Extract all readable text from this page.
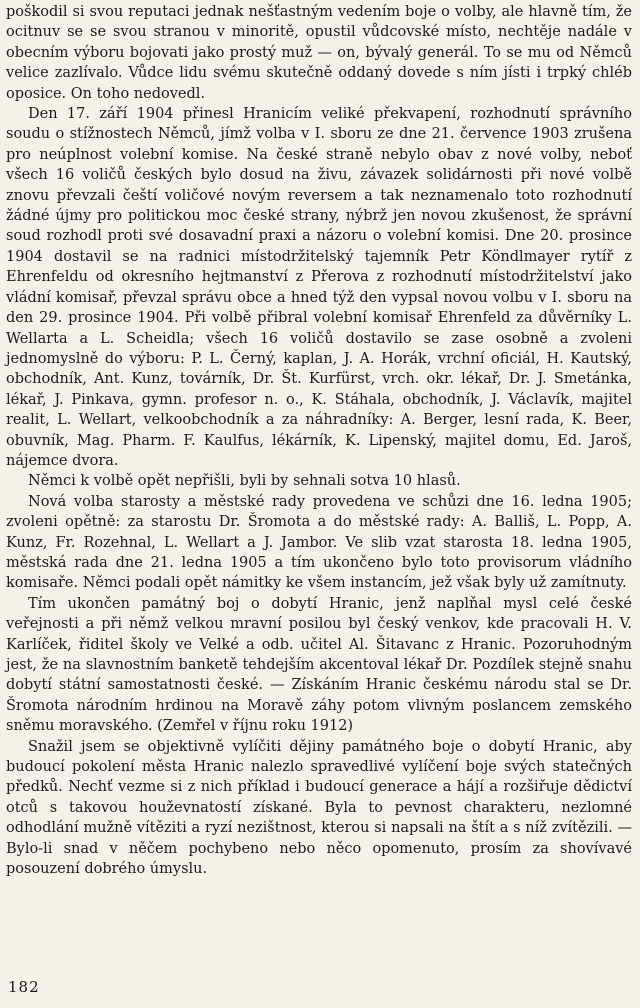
poškodil si svou reputaci jednak nešťastným vedením boje o volby, ale hlavně tím, že ocitnuv se se svou stranou v minoritě, opustil vůdcovské místo, nechtěje nadále v obecním výboru bojovati jako prostý muž — on, bývalý generál. To se mu od Němců velice zazlívalo. Vůdce lidu svému skutečně oddaný dovede s ním jísti i trpký chléb oposice. On toho nedovedl.

Den 17. září 1904 přinesl Hranicím veliké překvapení, rozhodnutí správního soudu o stížnostech Němců, jímž volba v I. sboru ze dne 21. července 1903 zrušena pro neúplnost volební komise. Na české straně nebylo obav z nové volby, neboť všech 16 voličů českých bylo dosud na živu, závazek solidárnosti při nové volbě znovu převzali čeští voličové novým reversem a tak neznamenalo toto rozhodnutí žádné újmy pro politickou moc české strany, nýbrž jen novou zkušenost, že správní soud rozhodl proti své dosavadní praxi a názoru o volební komisi. Dne 20. prosince 1904 dostavil se na radnici místodržitelský tajemník Petr Köndlmayer rytíř z Ehrenfeldu od okresního hejtmanství z Přerova z rozhodnutí místodržitelství jako vládní komisař, převzal správu obce a hned týž den vypsal novou volbu v I. sboru na den 29. prosince 1904. Při volbě přibral volební komisař Ehrenfeld za důvěrníky L. Wellarta a L. Scheidla; všech 16 voličů dostavilo se zase osobně a zvoleni jednomyslně do výboru: P. L. Černý, kaplan, J. A. Horák, vrchní oficiál, H. Kautský, obchodník, Ant. Kunz, továrník, Dr. Št. Kurfürst, vrch. okr. lékař, Dr. J. Smetánka, lékař, J. Pinkava, gymn. profesor n. o., K. Stáhala, obchodník, J. Václavík, majitel realit, L. Wellart, velkoobchodník a za náhradníky: A. Berger, lesní rada, K. Beer, obuvník, Mag. Pharm. F. Kaulfus, lékárník, K. Lipenský, majitel domu, Ed. Jaroš, nájemce dvora.

Němci k volbě opět nepřišli, byli by sehnali sotva 10 hlasů.

Nová volba starosty a městské rady provedena ve schůzi dne 16. ledna 1905; zvoleni opětně: za starostu Dr. Šromota a do městské rady: A. Balliš, L. Popp, A. Kunz, Fr. Rozehnal, L. Wellart a J. Jambor. Ve slib vzat starosta 18. ledna 1905, městská rada dne 21. ledna 1905 a tím ukončeno bylo toto provisorum vládního komisaře. Němci podali opět námitky ke všem instancím, jež však byly už zamítnuty.

Tím ukončen památný boj o dobytí Hranic, jenž naplňal mysl celé české veřejnosti a při němž velkou mravní posilou byl český venkov, kde pracovali H. V. Karlíček, řiditel školy ve Velké a odb. učitel Al. Šitavanc z Hranic. Pozoruhodným jest, že na slavnostním banketě tehdejším akcentoval lékař Dr. Pozdílek stejně snahu dobytí státní samostatnosti české. — Získáním Hranic českému národu stal se Dr. Šromota národním hrdinou na Moravě záhy potom vlivným poslancem zemského sněmu moravského. (Zemřel v říjnu roku 1912)

Snažil jsem se objektivně vylíčiti dějiny památného boje o dobytí Hranic, aby budoucí pokolení města Hranic nalezlo spravedlivé vylíčení boje svých statečných předků. Nechť vezme si z nich příklad i budoucí generace a hájí a rozšiřuje dědictví otců s takovou houževnatostí získané. Byla to pevnost charakteru, nezlomné odhodlání mužně vítěziti a ryzí nezištnost, kterou si napsali na štít a s níž zvítězili. — Bylo-li snad v něčem pochybeno nebo něco opomenuto, prosím za shovívavé posouzení dobrého úmyslu.

182
